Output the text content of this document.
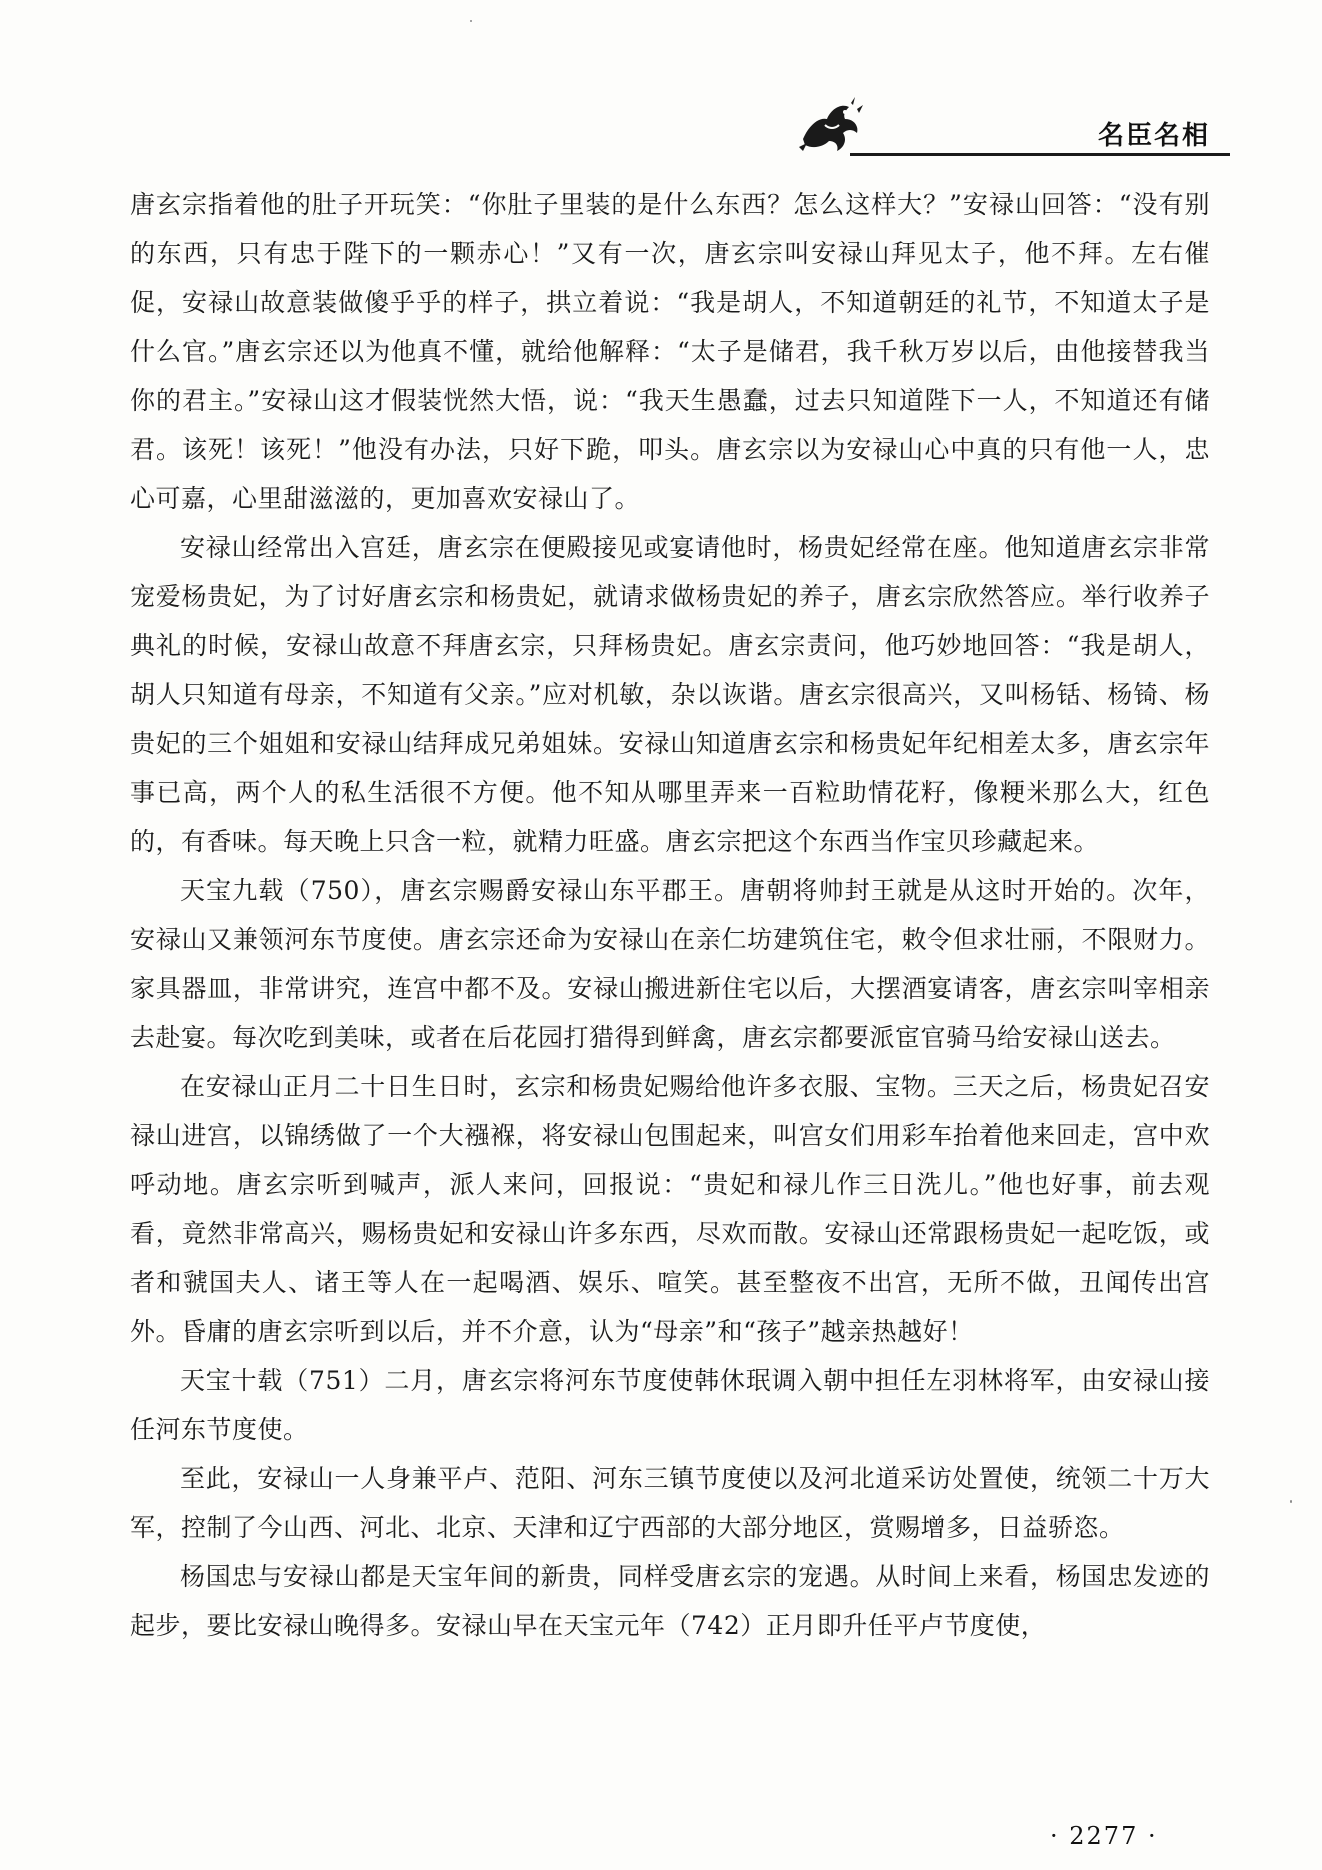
名臣名相

唐玄宗指着他的肚子开玩笑：“你肚子里装的是什么东西？怎么这样大？”安禄山回答：“没有别的东西，只有忠于陛下的一颗赤心！”又有一次，唐玄宗叫安禄山拜见太子，他不拜。左右催促，安禄山故意装做傻乎乎的样子，拱立着说：“我是胡人，不知道朝廷的礼节，不知道太子是什么官。”唐玄宗还以为他真不懂，就给他解释：“太子是储君，我千秋万岁以后，由他接替我当你的君主。”安禄山这才假装恍然大悟，说：“我天生愚蠢，过去只知道陛下一人，不知道还有储君。该死！该死！”他没有办法，只好下跪，叩头。唐玄宗以为安禄山心中真的只有他一人，忠心可嘉，心里甜滋滋的，更加喜欢安禄山了。

安禄山经常出入宫廷，唐玄宗在便殿接见或宴请他时，杨贵妃经常在座。他知道唐玄宗非常宠爱杨贵妃，为了讨好唐玄宗和杨贵妃，就请求做杨贵妃的养子，唐玄宗欣然答应。举行收养子典礼的时候，安禄山故意不拜唐玄宗，只拜杨贵妃。唐玄宗责问，他巧妙地回答：“我是胡人，胡人只知道有母亲，不知道有父亲。”应对机敏，杂以诙谐。唐玄宗很高兴，又叫杨铦、杨锜、杨贵妃的三个姐姐和安禄山结拜成兄弟姐妹。安禄山知道唐玄宗和杨贵妃年纪相差太多，唐玄宗年事已高，两个人的私生活很不方便。他不知从哪里弄来一百粒助情花籽，像粳米那么大，红色的，有香味。每天晚上只含一粒，就精力旺盛。唐玄宗把这个东西当作宝贝珍藏起来。

天宝九载（750），唐玄宗赐爵安禄山东平郡王。唐朝将帅封王就是从这时开始的。次年，安禄山又兼领河东节度使。唐玄宗还命为安禄山在亲仁坊建筑住宅，敕令但求壮丽，不限财力。家具器皿，非常讲究，连宫中都不及。安禄山搬进新住宅以后，大摆酒宴请客，唐玄宗叫宰相亲去赴宴。每次吃到美味，或者在后花园打猎得到鲜禽，唐玄宗都要派宦官骑马给安禄山送去。

在安禄山正月二十日生日时，玄宗和杨贵妃赐给他许多衣服、宝物。三天之后，杨贵妃召安禄山进宫，以锦绣做了一个大襁褓，将安禄山包围起来，叫宫女们用彩车抬着他来回走，宫中欢呼动地。唐玄宗听到喊声，派人来问，回报说：“贵妃和禄儿作三日洗儿。”他也好事，前去观看，竟然非常高兴，赐杨贵妃和安禄山许多东西，尽欢而散。安禄山还常跟杨贵妃一起吃饭，或者和虢国夫人、诸王等人在一起喝酒、娱乐、喧笑。甚至整夜不出宫，无所不做，丑闻传出宫外。昏庸的唐玄宗听到以后，并不介意，认为“母亲”和“孩子”越亲热越好！

天宝十载（751）二月，唐玄宗将河东节度使韩休珉调入朝中担任左羽林将军，由安禄山接任河东节度使。

至此，安禄山一人身兼平卢、范阳、河东三镇节度使以及河北道采访处置使，统领二十万大军，控制了今山西、河北、北京、天津和辽宁西部的大部分地区，赏赐增多，日益骄恣。

杨国忠与安禄山都是天宝年间的新贵，同样受唐玄宗的宠遇。从时间上来看，杨国忠发迹的起步，要比安禄山晚得多。安禄山早在天宝元年（742）正月即升任平卢节度使，

· 2277 ·
